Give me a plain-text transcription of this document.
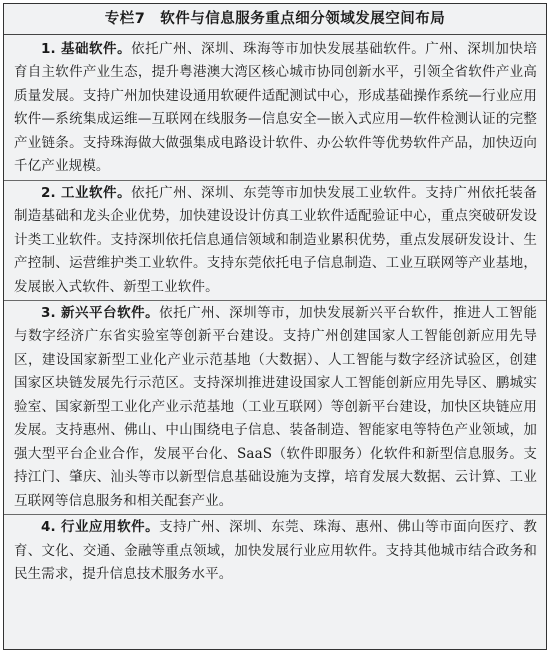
专栏7　软件与信息服务重点细分领域发展空间布局

1. 基础软件。依托广州、深圳、珠海等市加快发展基础软件。广州、深圳加快培育自主软件产业生态，提升粤港澳大湾区核心城市协同创新水平，引领全省软件产业高质量发展。支持广州加快建设通用软硬件适配测试中心，形成基础操作系统—行业应用软件—系统集成运维—互联网在线服务—信息安全—嵌入式应用—软件检测认证的完整产业链条。支持珠海做大做强集成电路设计软件、办公软件等优势软件产品，加快迈向千亿产业规模。

2. 工业软件。依托广州、深圳、东莞等市加快发展工业软件。支持广州依托装备制造基础和龙头企业优势，加快建设设计仿真工业软件适配验证中心，重点突破研发设计类工业软件。支持深圳依托信息通信领域和制造业累积优势，重点发展研发设计、生产控制、运营维护类工业软件。支持东莞依托电子信息制造、工业互联网等产业基地，发展嵌入式软件、新型工业软件。

3. 新兴平台软件。依托广州、深圳等市，加快发展新兴平台软件，推进人工智能与数字经济广东省实验室等创新平台建设。支持广州创建国家人工智能创新应用先导区，建设国家新型工业化产业示范基地（大数据）、人工智能与数字经济试验区，创建国家区块链发展先行示范区。支持深圳推进建设国家人工智能创新应用先导区、鹏城实验室、国家新型工业化产业示范基地（工业互联网）等创新平台建设，加快区块链应用发展。支持惠州、佛山、中山围绕电子信息、装备制造、智能家电等特色产业领域，加强大型平台企业合作，发展平台化、SaaS（软件即服务）化软件和新型信息服务。支持江门、肇庆、汕头等市以新型信息基础设施为支撑，培育发展大数据、云计算、工业互联网等信息服务和相关配套产业。

4. 行业应用软件。支持广州、深圳、东莞、珠海、惠州、佛山等市面向医疗、教育、文化、交通、金融等重点领域，加快发展行业应用软件。支持其他城市结合政务和民生需求，提升信息技术服务水平。
